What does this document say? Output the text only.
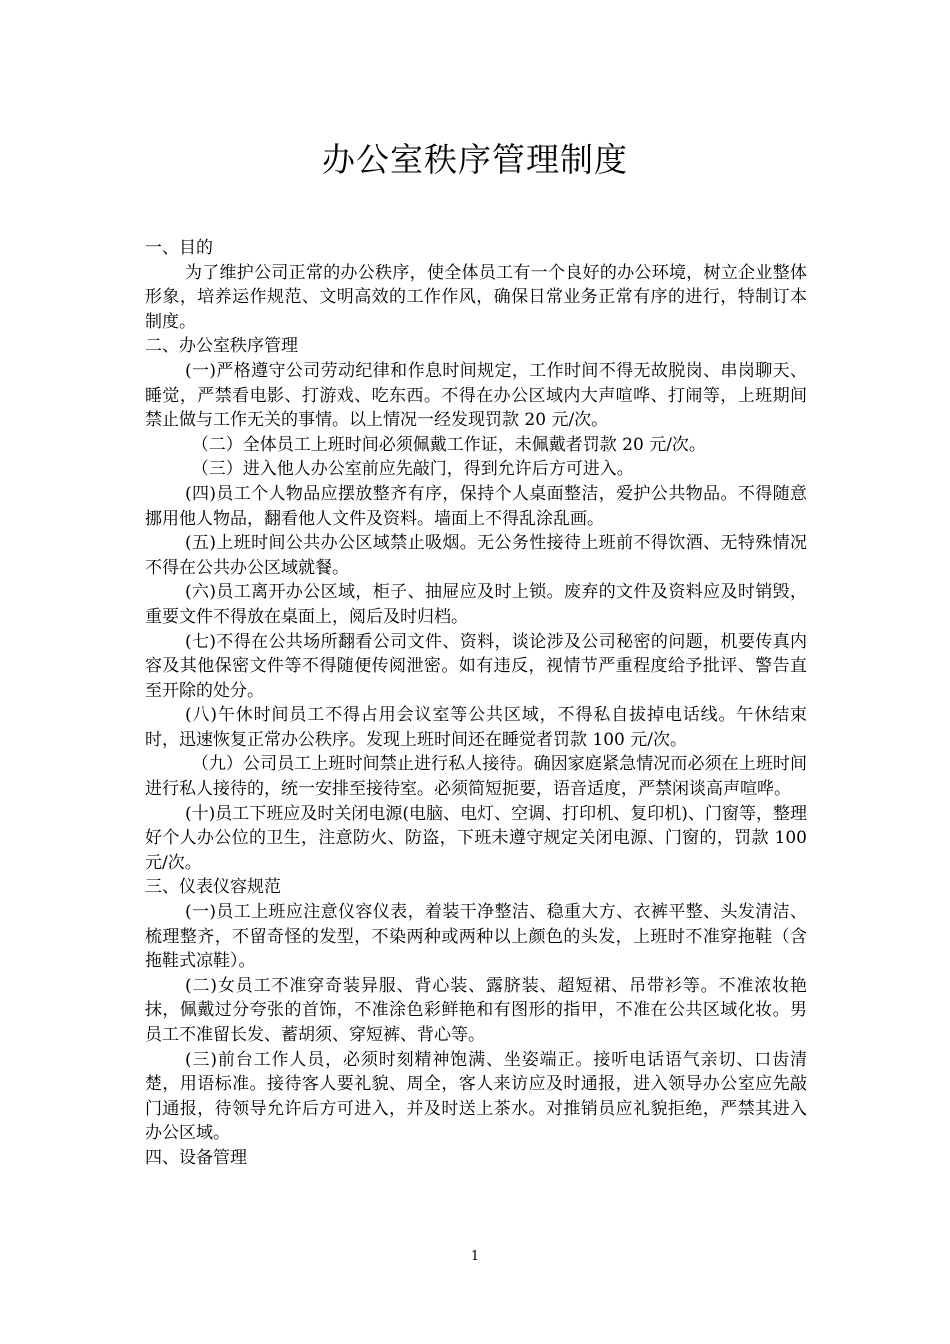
办公室秩序管理制度

一、目的

为了维护公司正常的办公秩序，使全体员工有一个良好的办公环境，树立企业整体形象，培养运作规范、文明高效的工作作风，确保日常业务正常有序的进行，特制订本制度。

二、办公室秩序管理

(一)严格遵守公司劳动纪律和作息时间规定，工作时间不得无故脱岗、串岗聊天、睡觉，严禁看电影、打游戏、吃东西。不得在办公区域内大声喧哗、打闹等，上班期间禁止做与工作无关的事情。以上情况一经发现罚款 20 元/次。

（二）全体员工上班时间必须佩戴工作证，未佩戴者罚款 20 元/次。

（三）进入他人办公室前应先敲门，得到允许后方可进入。

(四)员工个人物品应摆放整齐有序，保持个人桌面整洁，爱护公共物品。不得随意挪用他人物品，翻看他人文件及资料。墙面上不得乱涂乱画。

(五)上班时间公共办公区域禁止吸烟。无公务性接待上班前不得饮酒、无特殊情况不得在公共办公区域就餐。

(六)员工离开办公区域，柜子、抽屉应及时上锁。废弃的文件及资料应及时销毁，重要文件不得放在桌面上，阅后及时归档。

(七)不得在公共场所翻看公司文件、资料，谈论涉及公司秘密的问题，机要传真内容及其他保密文件等不得随便传阅泄密。如有违反，视情节严重程度给予批评、警告直至开除的处分。

(八)午休时间员工不得占用会议室等公共区域，不得私自拔掉电话线。午休结束时，迅速恢复正常办公秩序。发现上班时间还在睡觉者罚款 100 元/次。

（九）公司员工上班时间禁止进行私人接待。确因家庭紧急情况而必须在上班时间进行私人接待的，统一安排至接待室。必须简短扼要，语音适度，严禁闲谈高声喧哗。

(十)员工下班应及时关闭电源(电脑、电灯、空调、打印机、复印机)、门窗等，整理好个人办公位的卫生，注意防火、防盗，下班未遵守规定关闭电源、门窗的，罚款 100 元/次。

三、仪表仪容规范

(一)员工上班应注意仪容仪表，着装干净整洁、稳重大方、衣裤平整、头发清洁、梳理整齐，不留奇怪的发型，不染两种或两种以上颜色的头发，上班时不准穿拖鞋（含拖鞋式凉鞋）。

(二)女员工不准穿奇装异服、背心装、露脐装、超短裙、吊带衫等。不准浓妆艳抹，佩戴过分夸张的首饰，不准涂色彩鲜艳和有图形的指甲，不准在公共区域化妆。男员工不准留长发、蓄胡须、穿短裤、背心等。

(三)前台工作人员，必须时刻精神饱满、坐姿端正。接听电话语气亲切、口齿清楚，用语标准。接待客人要礼貌、周全，客人来访应及时通报，进入领导办公室应先敲门通报，待领导允许后方可进入，并及时送上茶水。对推销员应礼貌拒绝，严禁其进入办公区域。

四、设备管理

1
